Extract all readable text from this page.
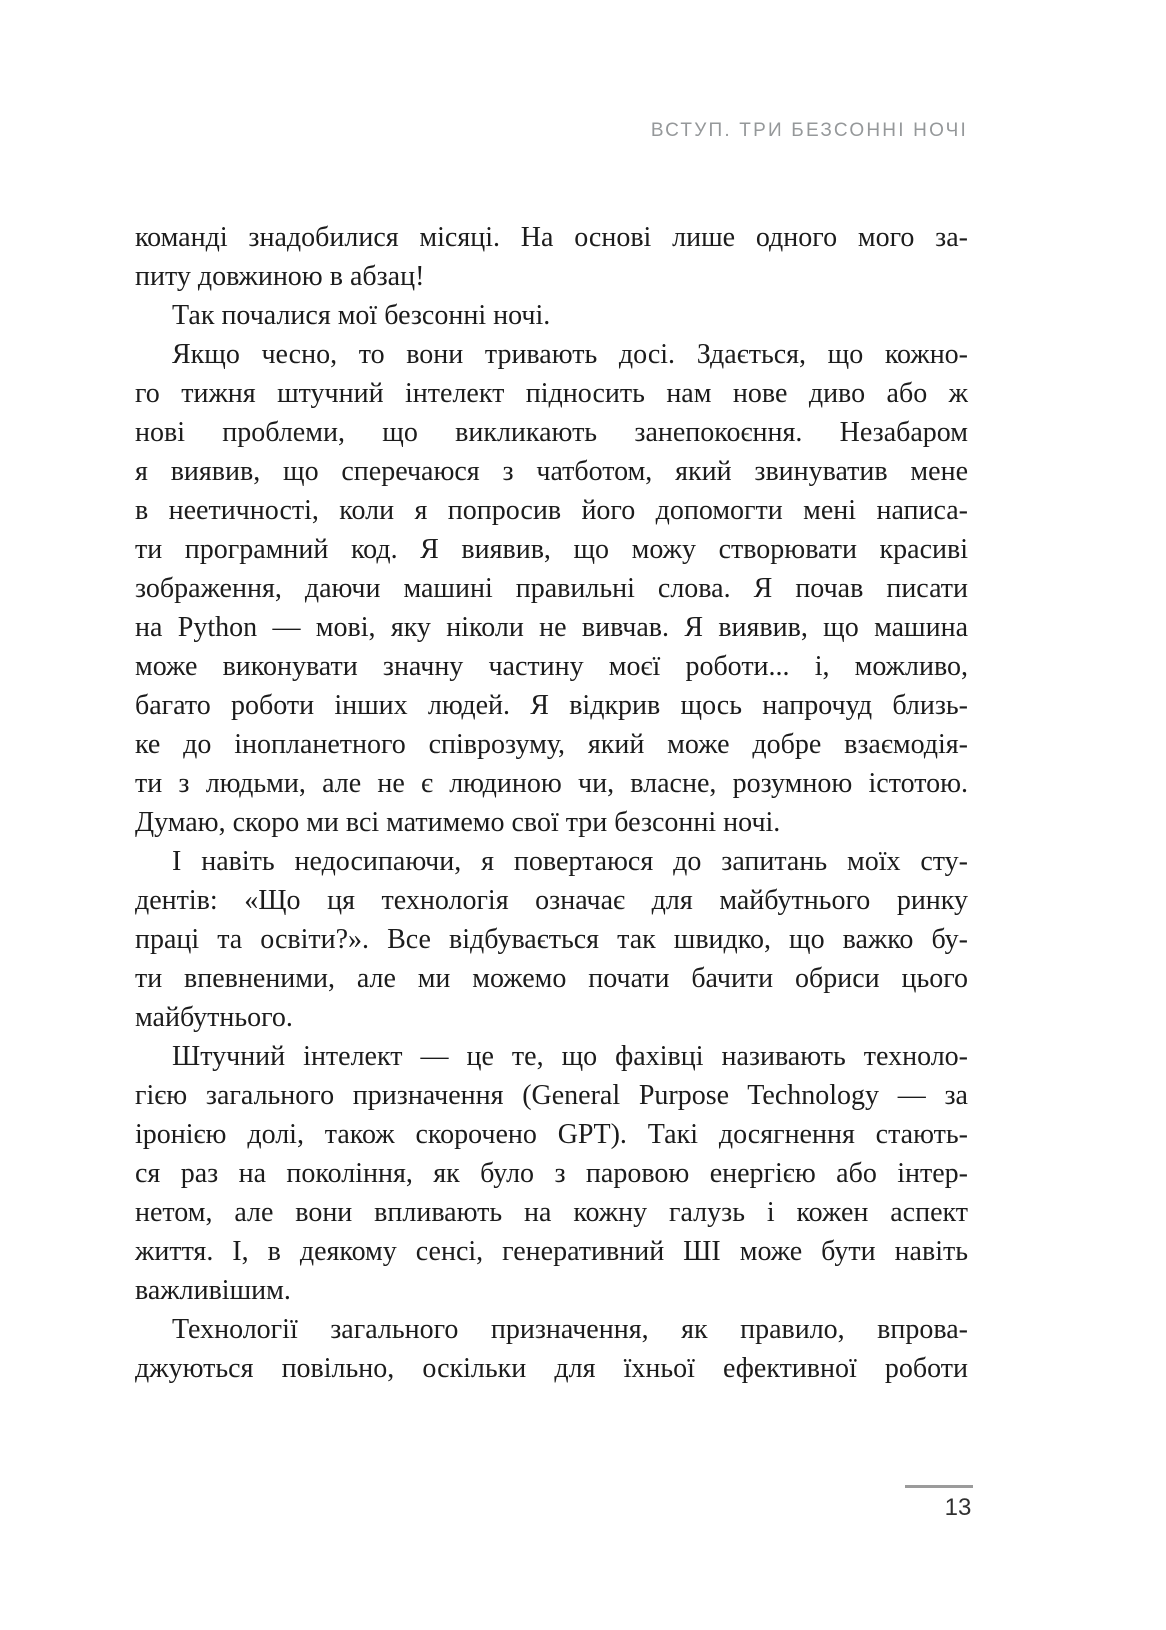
ВСТУП. ТРИ БЕЗСОННІ НОЧІ
команді знадобилися місяці. На основі лише одного мого за-
питу довжиною в абзац!
Так почалися мої безсонні ночі.
Якщо чесно, то вони тривають досі. Здається, що кожно-
го тижня штучний інтелект підносить нам нове диво або ж
нові проблеми, що викликають занепокоєння. Незабаром
я виявив, що сперечаюся з чатботом, який звинуватив мене
в неетичності, коли я попросив його допомогти мені написа-
ти програмний код. Я виявив, що можу створювати красиві
зображення, даючи машині правильні слова. Я почав писати
на Python — мові, яку ніколи не вивчав. Я виявив, що машина
може виконувати значну частину моєї роботи... і, можливо,
багато роботи інших людей. Я відкрив щось напрочуд близь-
ке до інопланетного співрозуму, який може добре взаємодія-
ти з людьми, але не є людиною чи, власне, розумною істотою.
Думаю, скоро ми всі матимемо свої три безсонні ночі.
І навіть недосипаючи, я повертаюся до запитань моїх сту-
дентів: «Що ця технологія означає для майбутнього ринку
праці та освіти?». Все відбувається так швидко, що важко бу-
ти впевненими, але ми можемо почати бачити обриси цього
майбутнього.
Штучний інтелект — це те, що фахівці називають техноло-
гією загального призначення (General Purpose Technology — за
іронією долі, також скорочено GPT). Такі досягнення стають-
ся раз на покоління, як було з паровою енергією або інтер-
нетом, але вони впливають на кожну галузь і кожен аспект
життя. І, в деякому сенсі, генеративний ШІ може бути навіть
важливішим.
Технології загального призначення, як правило, впрова-
джуються повільно, оскільки для їхньої ефективної роботи
13
